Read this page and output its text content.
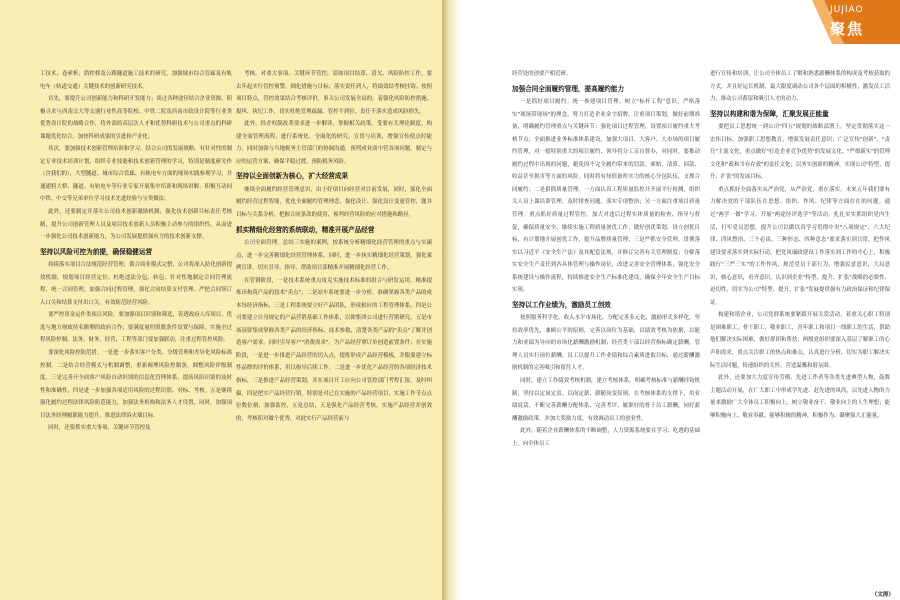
工技术、卷索析、鸽控移及公路隧道施工技术的研究，加强城市综合管廊及有轨电车（轨道交通）关键技术的创新研究技术。

首先，要提升公司创新能力和科研开发能力；谈过各种途径结合企业资源，积极寻求与西南交大等交通行业性高等院校、中铁二院及西南市政设计院等行业类优势设计院的战略合作，将外部的高层次人才和优势科研技术与公司重点的科研课题优化结合，加快科研成果的引进和产业化。

其次，要加强技术创新管理培训和学习。结合公司的发展战略，有针对性的制定专业技术培训计划，组织专业技能和技术创新管理的学习，特别是制度研究作（含我们的），大型隧道、城市综合管廊、有轨电车方面的现场实践参观学习，并通通特大桥、隧道、有轨电车等行业专家开展集中培训和现场讲解，积极互动同中铁、中交等兄弟单位学习技术先进经验与宝贵做法。

此外，还要制定并落实公司技术创新激励机制，强化技术创新目标责任考核制，提升公司创新管理人员及项目技术创新人员积极主动参与的组织性。从而进一步强化公司技术创新能力，为公司发展提供强有力的技术创新支撑。

坚持以风险可控为前提，确保稳健运营

持续落实项目合法规范经营管理，锁合商业模式完整，公司将深入防化创新提效机制，规划项目经营定位、杜绝违法分包、转包、针对性地制定合同管理流程，统一合同管理，加强合同过程管理，强化合同结算支付管理、严把合同签订入口关和结算支付出口关，有效防范经营风险。

要严控资金运作类项目风险，要加强项目识别和筛选，着透政府人库项目，优选与地方财政持名额剩的政府合作；要满度量控股数条件设置与保障。实施全过程风险控制，法务、财务、经营、工程等部门要加强联动，注重过程管控风险。

要深化风险控防范措。一是进一步落实客户分类、分级管理和差异化风险标准控制。二是结合经营模式与机制调整，重新调理风险控制条，调整风险评级制度，三是完善开全面客户风险自动识别的信息化管理体系，提高风险识别的及时性和准确性，四是进一步加强各项适用风险的过程识别、对标、考核。五是继续强化履约过程法律风险防范能力，加强法务机构和法务人才设置，同时，加强项目法务经理履职能力提升，推进法律诉火墙目标。

同时，还要抓实重大事项、关键环节管控及

考核，对重大事项、关键环节管控，请如项目结算、清欠、风险防控工作，要去年起实行管控预警，细化措施与目标；落实责任到人，将绩效结考核挂钩。按照项目特点，管控效果结合考核评价，事关公司发展全局的，着强化风险防控措施、报纠、执纪工作，切实杜绝管理疏漏、管控不到位、责任不落实造成风险损失。

此外，经企权制改革要求进一步解读，掌握相关政策，受要有关理论制度，构建全面管理流程，进行系统化、全面化的研究，宣贯与培训，增强宣传使点时能力，同时加强与当地税务主管部门的协调沟通，预判成业商中营各项问题，制定与应的运营方案，确保平稳过渡，预防税务风险。

坚持以全面创新为核心，扩大经营成果

继续全面履约经营管理意识，由于好项目向经营对目前发展，同时，强化全面履约经营过程智能，优化全面履约管理理念，强化设计、强化设计变更管控，题并目标与关系分析，把握合同条款的使用，预判经营风险的应对措施和路径。

抓实精细化经营的系统联动，精准开展产品经营

公司全面管理，总结三实施的案例，按系统分析精细化经营管理的重点与实碳点，进一步完善精细化经营管理体系，同时，进一步执实精细化经营策划，强化案例宣讲，切实引导、指导、帮助项目部精准开展精细化经营工作。

在管钢阶段，一是技术系统重点攻克实施技术标准的组合与研发运用，精准提炼出构筑产品的技术"卖点"，二是站车系统要进一步分析，准确掌握各类产品的成本每经济指标，三是工程系统要立好产品团队，形成相应的工程管理体系，四是公司要建立自身规定的产品营销基础工作体系，以便集团公司进行营销研究，五是市场部要集成掌握各类产品的经济指标、技术参数，清楚各类产品的"卖点"了解并创造客户需求，同时引导客户"消费需求"，为产品经营拿订单创造前置条件；在实施阶段，一是进一步推进产品经营的切入点，提炼形成产品经营模板，并限要建立标性品牌的评价体系，用以指导后续工作。二是进一步优化产品经营的各项经济技术指标，三是推进产品经营策划，并在项目开工应向公司管控部门考程汇报，及时纠偏，四是把实产品经营行销，特别是对已在实施的产品经营项目，实施工作节点点位数位刻，加强监控，五是总结，五是强化产品经营考核，实施产品经营并创效的，考核积对做个优秀，对此实行产品经营前与

JUJIAO
聚焦

经营处的创要产相近研。

加强合同全面履约管理，提高履约能力

一是抓好项目履约。统一参建项目管理、树立"标杆工程"意识，严格落实"现场带现场"的理念，努力打造企业金字招牌，注重项目策划，做好前期准备，明确履约管理重点与关键环节；强化项目过程管理，设置项目履约重大考核节点；全面推进业务标准体系建设，加强大项目、大客户、大市场的项目履约管理，对一般特别重大的项目履约，领导将分工亲自督办，对同时，要推动履约过程中出现的问题，避免因不完全履约带来的罚款、索赔、清算、回款、收益甚至损害等方面的风险，同时将有知值备所实力的核心分包队伍，支撑合同履约；二是狠抓质量管理。一方面认真工程质量监控并开展平行检测，组织关人员上课培训管理，及时排查问题，落实专项整治；另一方面注重项目质量管理，重点抓好质量过程管控，加大对违后过程实体质量的检查、指导与督促，确保质量安全，继续实施工程质量创优工作，做好创优策划，设立创优目标，有计划地开展创优工作，提升品牌质量管理；三是严抓安全管理，贯彻落实以习近平《安全生产法》及其配套法规，并修订完善有关管理制度；分解落实安全生产责任到各具体管理与操作岗位，改进完善安全管理体系，强化安全系统建设与操作流程，持续推进安全生产标准化建设，确保全年安全生产目标实现。

坚持以工作业绩为，激励员工创效

按照服务科学化、收入水平市场化、分配完善多元化、激励形式多样化，坚持效率优先、兼顾公平的原则，完善以岗位为基础，以绩效考核为依据，以能力和业绩为导向的市场化薪酬激励机制；经营类干部以经营指标确定薪酬，管理人员实行岗位薪酬；员工以提升工作业绩和综合素质进取目标，通过薪酬激励机制的完善吸引和留住人才。

同时，建立工作绩效考核机制，建立考核体系，明确考核标准与薪酬挂钩机制，坚持以定岗定责、以岗定薪、薪随岗变原则，在考核体系的支撑下，用业绩说话，不断完善薪酬分配体系、完善考评、履职好的骨干员工薪酬，同好薪酬激励政策，并加大奖励力度，有效调动员工的创业性。

此外，随着企业薪酬体系的不断调整，人力资源系统要在学习、吃透的基础上，向全体员工

进行宣传和培训，让公司全体员工了解和熟悉薪酬体系的构成及考核获取的方式，并且好运长机制，最大限度调动公司各个层面的积极性，激发员工活力，推动公司蓄留和吸引人才的动力。

坚持以构建和谐为保障，汇聚发展正能量

要把员工思想统一到公司"四五"规划的战略部署上，坚定贯彻落实这一宏伟目标，加强职工思想教育，增强发展责任意识；广泛宣传"创新"、"责任"主流文化，重点做好"打造企业竞争优势"的发展文化、"严细新实"的管理文化和"政和当有存效"的责任文化；以务实创新的精神，实现公司"特型、提升、扩张"的发展目标。

重点抓好全面落实从严治党，从严治党，重在落实。未来五年我们要有力解决党的干部队伍在思想、组织、作风、纪律等方面存在的问题。通过"两学一做"学习，开展"两途径评选学"等活动，扎扎实实抓组织党内生活，打牢党员思想，提升公司以做以真学习贯彻中央"八项规定"、六大纪律、四风整治、三个必谈，三种形态、四种意态"要求落实到日常，把作风建设要求落实到实际行动，把党风廉政建设工作落实到工作的中心上，积极践行"三严三实"的工作作风，规范党员干部行为，增强民意意识，大局意识，核心意识，看齐意识，认识到企业"特型、提升、扩张"战略的必要性、迫切性，切实为公司"特型、提升、扩张"发展提供强有力政治保证和纪律保证。

构建和谐企业，公司党群系统要紧跟开展关爱活动，着重关心职工特别是困难职工，骨干职工，敬业职工，青年职工和项目一线职工的生活，帮助他们解决实际困难，做好群团和帮扶；两级党组织要深入基层了解职工的心声和需求，重点关注职工的热点和难点，认真进行分析，切实为职工解决实际生活问题，传递组织的关怀，营造温馨和谐氛围。

此外，还要加大力度宣传劳模、先进工作者等各类先进典型人物，鼓舞主题活动开展，在广大职工中形成学先进、赶先进的风尚，以先进人物的力量来激励广大全体员工积极向上、树立敬业奋干、敬业向上的人生理想；能够积极向上、敬业奉献、能够积极的精神，积极作为、凝聚强大正能量。

（文涛）
